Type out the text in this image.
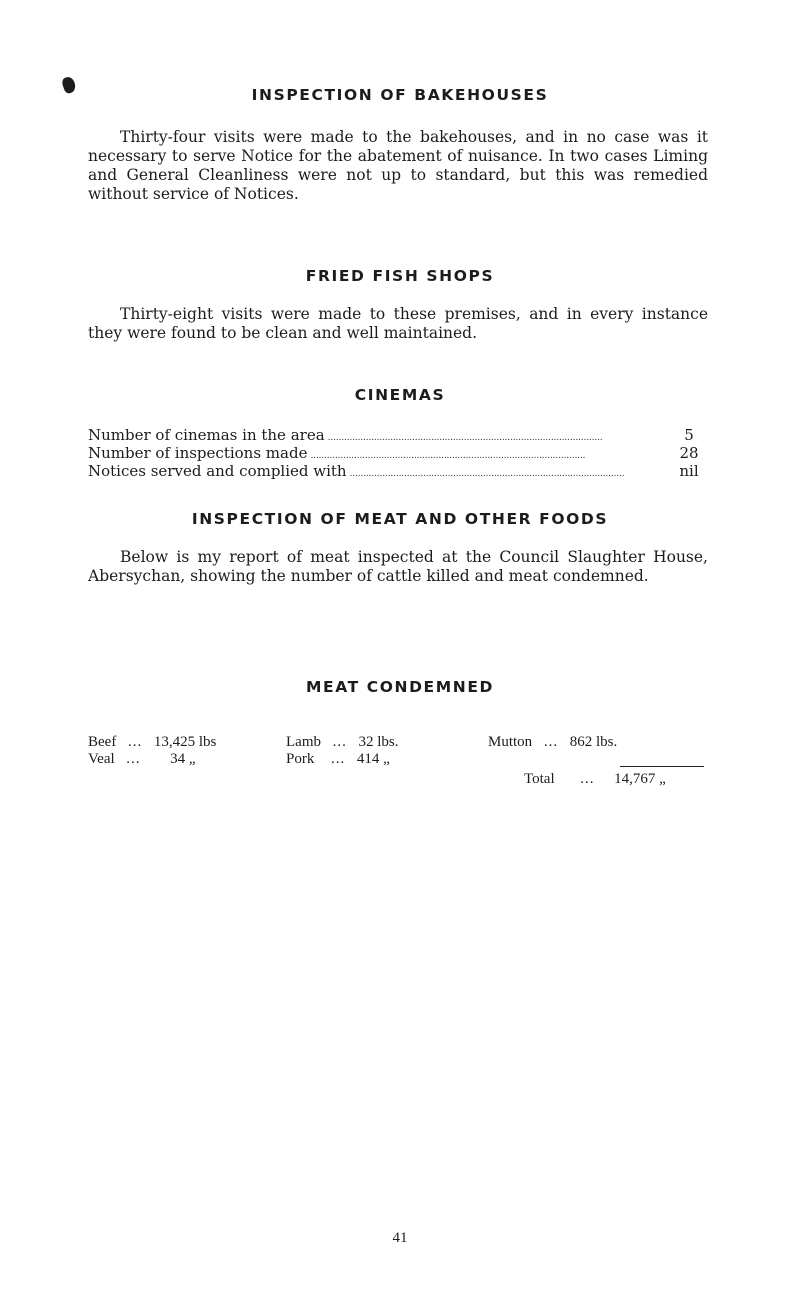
INSPECTION OF BAKEHOUSES
Thirty-four visits were made to the bakehouses, and in no case was it necessary to serve Notice for the abatement of nuisance. In two cases Liming and General Cleanliness were not up to standard, but this was remedied without service of Notices.
FRIED FISH SHOPS
Thirty-eight visits were made to these premises, and in every instance they were found to be clean and well maintained.
CINEMAS
Number of cinemas in the area . . .	5
Number of inspections made . . .	28
Notices served and complied with . . .	nil
INSPECTION OF MEAT AND OTHER FOODS
Below is my report of meat inspected at the Council Slaughter House, Abersychan, showing the number of cattle killed and meat condemned.
MEAT CONDEMNED
Beef ... 13,425 lbs
Veal ... 34 „
Lamb ... 32 lbs.
Pork ... 414 „
Mutton ... 862 lbs.
Total ... 14,767 „
41
